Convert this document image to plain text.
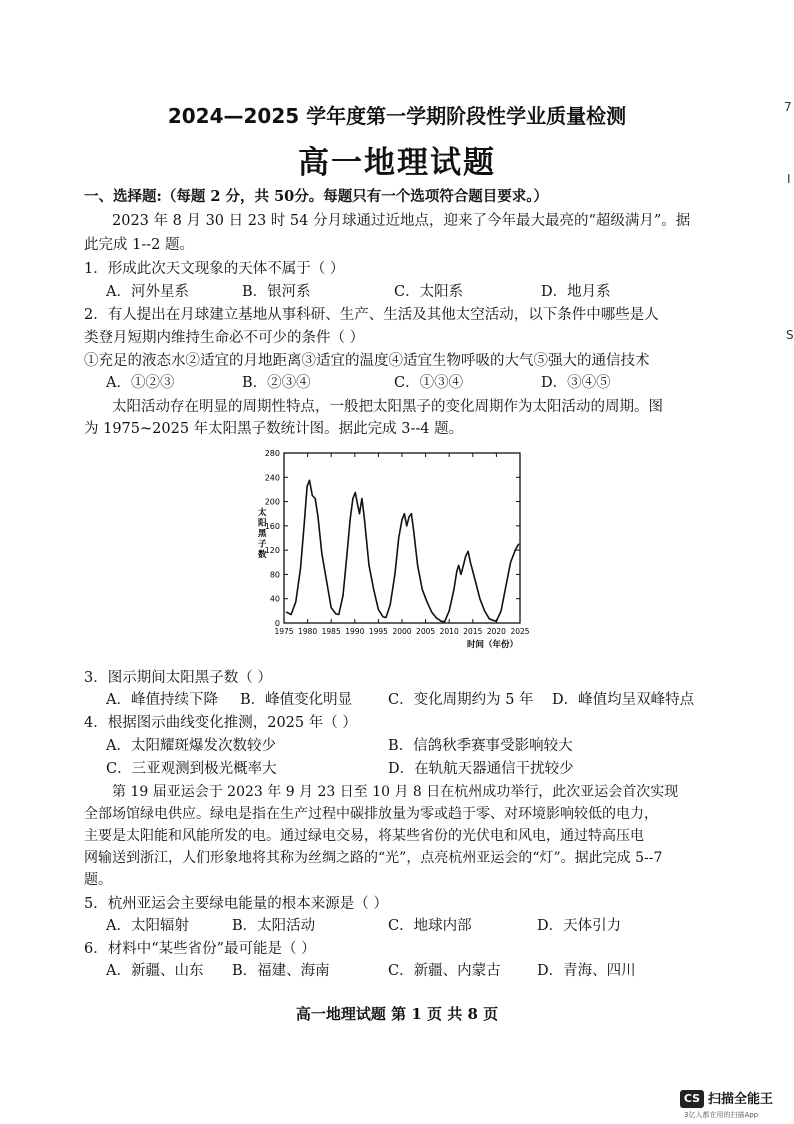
7
I
S
2024—2025 学年度第一学期阶段性学业质量检测
高一地理试题
一、选择题:（每题 2 分，共 50分。每题只有一个选项符合题目要求。）
2023 年 8 月 30 日 23 时 54 分月球通过近地点，迎来了今年最大最亮的“超级满月”。据
此完成 1--2 题。
1．形成此次天文现象的天体不属于（ ）
A．河外星系	B．银河系	C．太阳系	D．地月系
2．有人提出在月球建立基地从事科研、生产、生活及其他太空活动，以下条件中哪些是人
类登月短期内维持生命必不可少的条件（ ）
①充足的液态水②适宜的月地距离③适宜的温度④适宜生物呼吸的大气⑤强大的通信技术
A．①②③	B．②③④	C．①③④	D．③④⑤
太阳活动存在明显的周期性特点，一般把太阳黑子的变化周期作为太阳活动的周期。图
为 1975~2025 年太阳黑子数统计图。据此完成 3--4 题。
0
40
80
120
160
200
240
280
1975 1980 1985 1990 1995 2000 2005 2010 2015 2020 2025
太阳黑子数
时间（年份）
3．图示期间太阳黑子数（ ）
A．峰值持续下降 B．峰值变化明显 C．变化周期约为 5 年 D．峰值均呈双峰特点
4．根据图示曲线变化推测，2025 年（ ）
A．太阳耀斑爆发次数较少	B．信鸽秋季赛事受影响较大
C．三亚观测到极光概率大	D．在轨航天器通信干扰较少
第 19 届亚运会于 2023 年 9 月 23 日至 10 月 8 日在杭州成功举行，此次亚运会首次实现
全部场馆绿电供应。绿电是指在生产过程中碳排放量为零或趋于零、对环境影响较低的电力，
主要是太阳能和风能所发的电。通过绿电交易，将某些省份的光伏电和风电，通过特高压电
网输送到浙江，人们形象地将其称为丝绸之路的“光”，点亮杭州亚运会的“灯”。据此完成 5--7
题。
5．杭州亚运会主要绿电能量的根本来源是（ ）
A．太阳辐射	B．太阳活动	C．地球内部	D．天体引力
6．材料中“某些省份”最可能是（ ）
A．新疆、山东 B．福建、海南	C．新疆、内蒙古	D．青海、四川
高一地理试题 第 1 页 共 8 页
CS 扫描全能王
3亿人都在用的扫描App
